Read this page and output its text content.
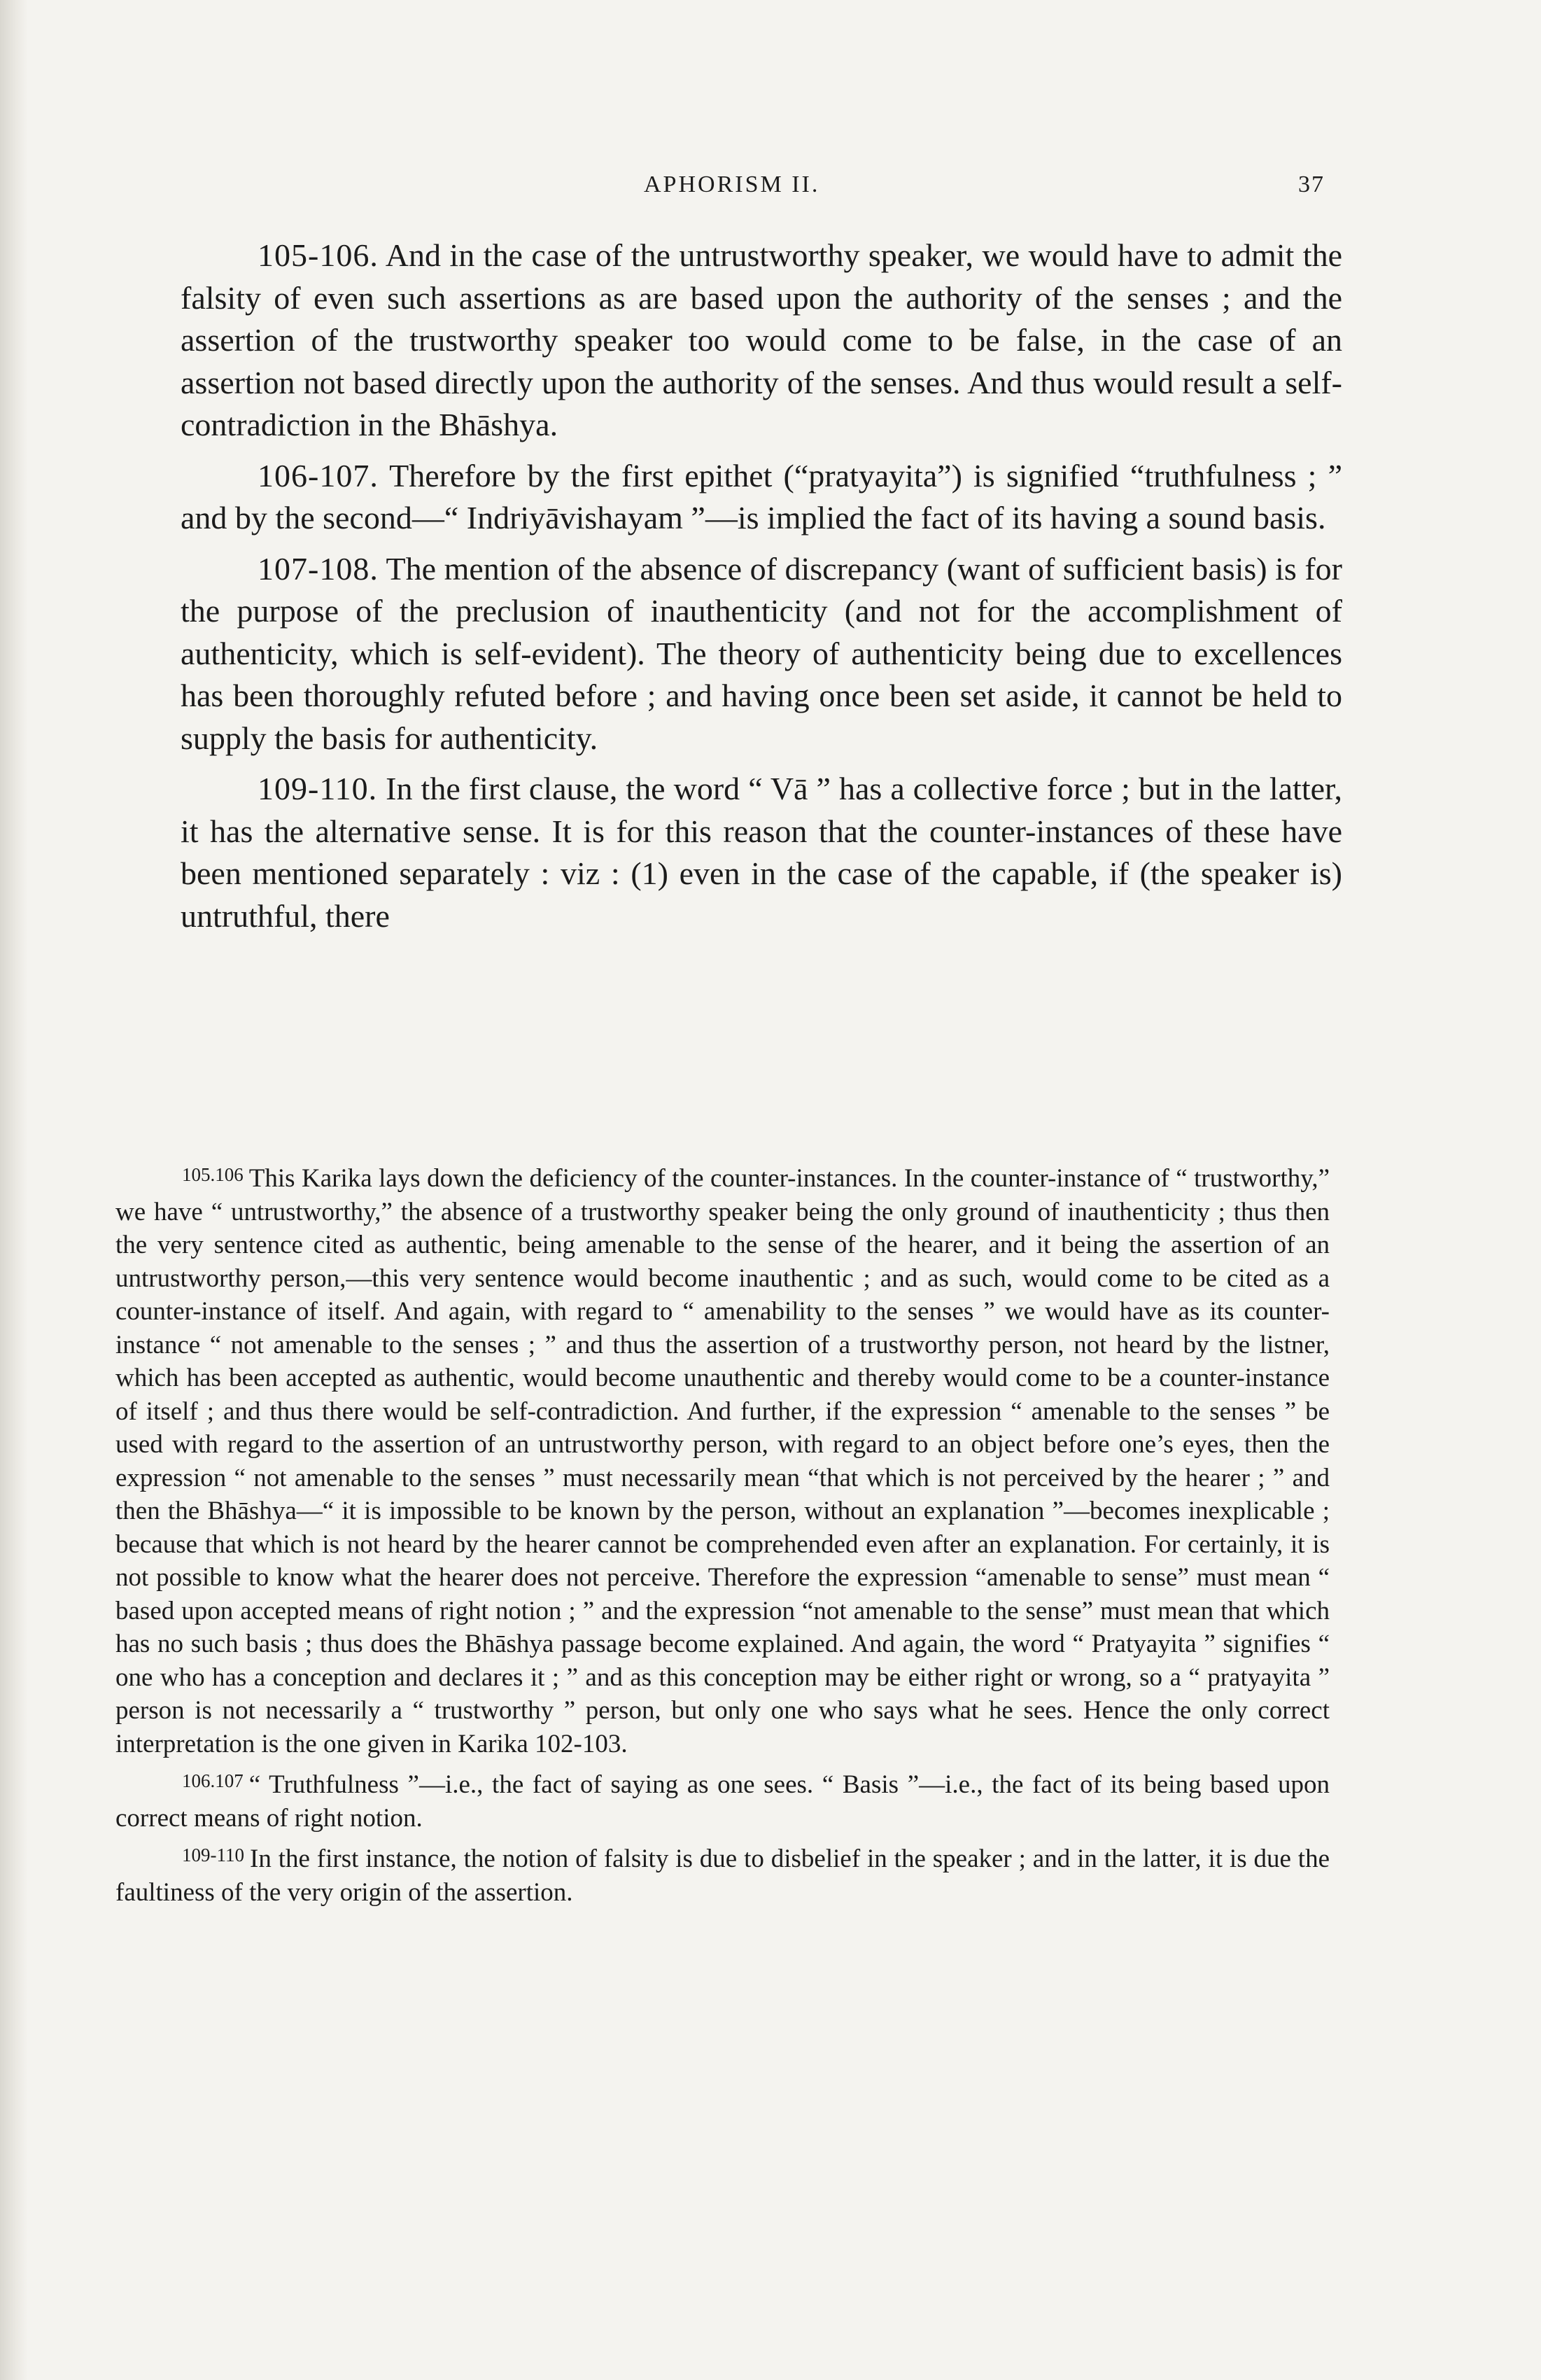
APHORISM II.	37

105-106. And in the case of the untrustworthy speaker, we would have to admit the falsity of even such assertions as are based upon the authority of the senses ; and the assertion of the trustworthy speaker too would come to be false, in the case of an assertion not based directly upon the authority of the senses. And thus would result a self-contradiction in the Bhāshya.

106-107. Therefore by the first epithet (“pratyayita”) is signified “truthfulness ; ” and by the second—“ Indriyāvishayam ”—is implied the fact of its having a sound basis.

107-108. The mention of the absence of discrepancy (want of sufficient basis) is for the purpose of the preclusion of inauthenticity (and not for the accomplishment of authenticity, which is self-evident). The theory of authenticity being due to excellences has been thoroughly refuted before ; and having once been set aside, it cannot be held to supply the basis for authenticity.

109-110. In the first clause, the word “ Vā ” has a collective force ; but in the latter, it has the alternative sense. It is for this reason that the counter-instances of these have been mentioned separately : viz : (1) even in the case of the capable, if (the speaker is) untruthful, there

$^{105.106}$ This Karika lays down the deficiency of the counter-instances. In the counter-instance of “ trustworthy,” we have “ untrustworthy,” the absence of a trustworthy speaker being the only ground of inauthenticity ; thus then the very sentence cited as authentic, being amenable to the sense of the hearer, and it being the assertion of an untrustworthy person,—this very sentence would become inauthentic ; and as such, would come to be cited as a counter-instance of itself. And again, with regard to “ amenability to the senses ” we would have as its counter-instance “ not amenable to the senses ; ” and thus the assertion of a trustworthy person, not heard by the listner, which has been accepted as authentic, would become unauthentic and thereby would come to be a counter-instance of itself ; and thus there would be self-contradiction. And further, if the expression “ amenable to the senses ” be used with regard to the assertion of an untrustworthy person, with regard to an object before one’s eyes, then the expression “ not amenable to the senses ” must necessarily mean “that which is not perceived by the hearer ; ” and then the Bhāshya—“ it is impossible to be known by the person, without an explanation ”—becomes inexplicable ; because that which is not heard by the hearer cannot be comprehended even after an explanation. For certainly, it is not possible to know what the hearer does not perceive. Therefore the expression “amenable to sense” must mean “ based upon accepted means of right notion ; ” and the expression “not amenable to the sense” must mean that which has no such basis ; thus does the Bhāshya passage become explained. And again, the word “ Pratyayita ” signifies “ one who has a conception and declares it ; ” and as this conception may be either right or wrong, so a “ pratyayita ” person is not necessarily a “ trustworthy ” person, but only one who says what he sees. Hence the only correct interpretation is the one given in Karika 102-103.

$^{106.107}$ “ Truthfulness ”—i.e., the fact of saying as one sees. “ Basis ”—i.e., the fact of its being based upon correct means of right notion.

$^{109-110}$ In the first instance, the notion of falsity is due to disbelief in the speaker ; and in the latter, it is due the faultiness of the very origin of the assertion.
